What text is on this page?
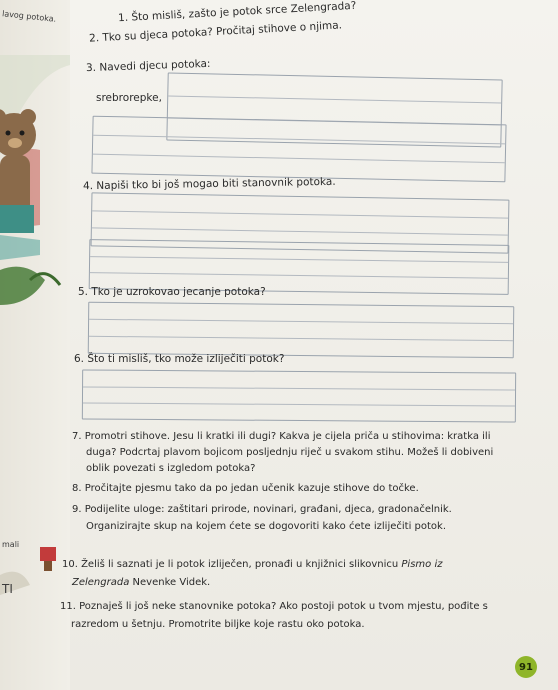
lavog potoka.
mali
TI
1. Što misliš, zašto je potok srce Zelengrada?
2. Tko su djeca potoka? Pročitaj stihove o njima.
3. Navedi djecu potoka:
srebrorepke,
4. Napiši tko bi još mogao biti stanovnik potoka.
5. Tko je uzrokovao jecanje potoka?
6. Što ti misliš, tko može izliječiti potok?
7. Promotri stihove. Jesu li kratki ili dugi? Kakva je cijela priča u stihovima: kratka ili
duga? Podcrtaj plavom bojicom posljednju riječ u svakom stihu. Možeš li dobiveni
oblik povezati s izgledom potoka?
8. Pročitajte pjesmu tako da po jedan učenik kazuje stihove do točke.
9. Podijelite uloge: zaštitari prirode, novinari, građani, djeca, gradonačelnik.
Organizirajte skup na kojem ćete se dogovoriti kako ćete izliječiti potok.
10. Želiš li saznati je li potok izliječen, pronađi u knjižnici slikovnicu Pismo iz
Zelengrada Nevenke Videk.
11. Poznaješ li još neke stanovnike potoka? Ako postoji potok u tvom mjestu, pođite s
razredom u šetnju. Promotrite biljke koje rastu oko potoka.
91
